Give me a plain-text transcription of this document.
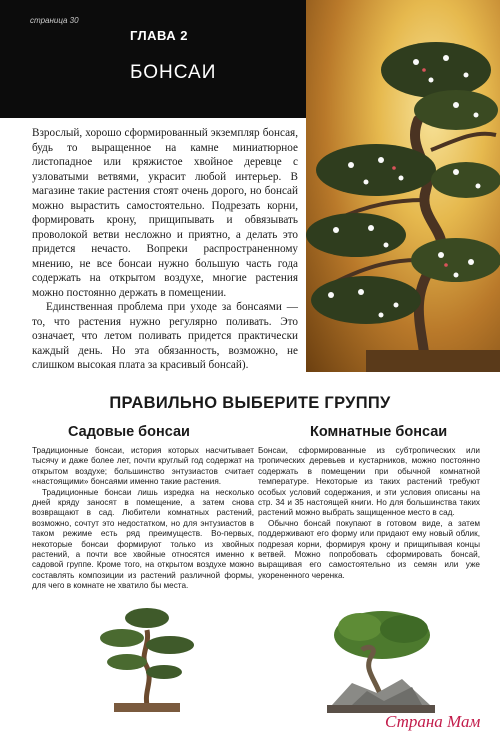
страница 30
ГЛАВА 2
БОНСАИ

Взрослый, хорошо сформированный экземпляр бонсая, будь то выращенное на камне миниатюрное листопадное или кряжистое хвойное деревце с узловатыми ветвями, украсит любой интерьер. В магазине такие растения стоят очень дорого, но бонсай можно вырастить самостоятельно. Подрезать корни, формировать крону, прищипывать и обвязывать проволокой ветви несложно и приятно, а делать это придется нечасто. Вопреки распространенному мнению, не все бонсаи нужно большую часть года содержать на открытом воздухе, многие растения можно постоянно держать в помещении.

Единственная проблема при уходе за бонсаями — то, что растения нужно регулярно поливать. Это означает, что летом поливать придется практически каждый день. Но эта обязанность, возможно, не слишком высокая плата за красивый бонсай).

ПРАВИЛЬНО ВЫБЕРИТЕ ГРУППУ
Садовые бонсаи

Традиционные бонсаи, история которых насчитывает тысячу и даже более лет, почти круглый год содержат на открытом воздухе; большинство энтузиастов считает «настоящими» бонсаями именно такие растения.

Традиционные бонсаи лишь изредка на несколько дней кряду заносят в помещение, а затем снова возвращают в сад. Любители комнатных растений, возможно, сочтут это недостатком, но для энтузиастов в таком режиме есть ряд преимуществ. Во-первых, некоторые бонсаи формируют только из хвойных растений, а почти все хвойные относятся именно к садовой группе. Кроме того, на открытом воздухе можно составлять композиции из растений различной формы, для чего в комнате не хватило бы места.

Комнатные бонсаи

Бонсаи, сформированные из субтропических или тропических деревьев и кустарников, можно постоянно содержать в помещении при обычной комнатной температуре. Некоторые из таких растений требуют особых условий содержания, и эти условия описаны на стр. 34 и 35 настоящей книги. Но для большинства таких растений можно выбрать защищенное место в сад.

Обычно бонсай покупают в готовом виде, а затем поддерживают его форму или придают ему новый облик, подрезая корни, формируя крону и прищипывая концы ветвей. Можно попробовать сформировать бонсай, выращивая его самостоятельно из семян или уже укорененного черенка.

Страна Мам
